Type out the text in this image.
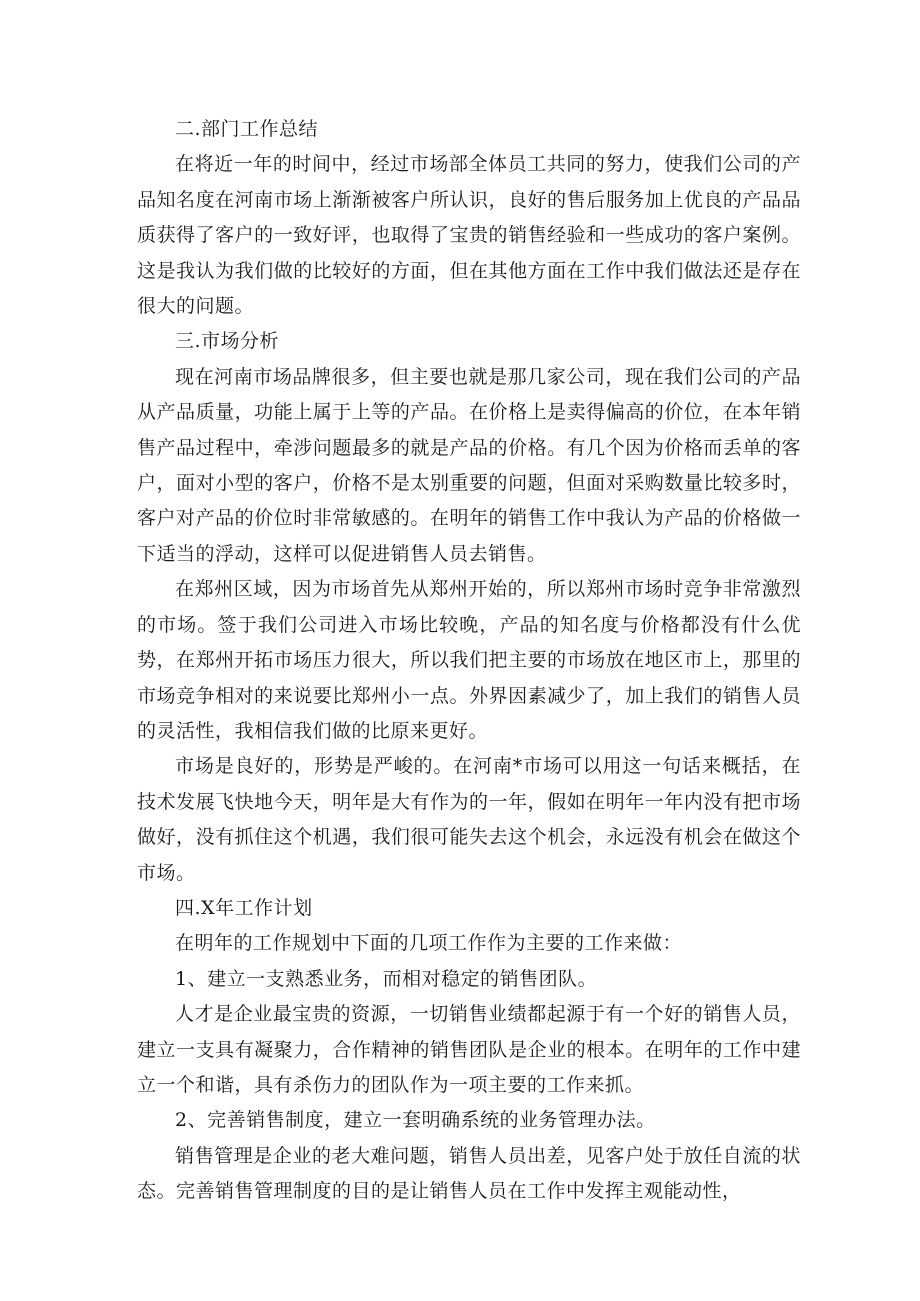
二.部门工作总结

在将近一年的时间中，经过市场部全体员工共同的努力，使我们公司的产品知名度在河南市场上渐渐被客户所认识，良好的售后服务加上优良的产品品质获得了客户的一致好评，也取得了宝贵的销售经验和一些成功的客户案例。这是我认为我们做的比较好的方面，但在其他方面在工作中我们做法还是存在很大的问题。

三.市场分析

现在河南市场品牌很多，但主要也就是那几家公司，现在我们公司的产品从产品质量，功能上属于上等的产品。在价格上是卖得偏高的价位，在本年销售产品过程中，牵涉问题最多的就是产品的价格。有几个因为价格而丢单的客户，面对小型的客户，价格不是太别重要的问题，但面对采购数量比较多时，客户对产品的价位时非常敏感的。在明年的销售工作中我认为产品的价格做一下适当的浮动，这样可以促进销售人员去销售。

在郑州区域，因为市场首先从郑州开始的，所以郑州市场时竞争非常激烈的市场。签于我们公司进入市场比较晚，产品的知名度与价格都没有什么优势，在郑州开拓市场压力很大，所以我们把主要的市场放在地区市上，那里的市场竞争相对的来说要比郑州小一点。外界因素减少了，加上我们的销售人员的灵活性，我相信我们做的比原来更好。

市场是良好的，形势是严峻的。在河南*市场可以用这一句话来概括，在技术发展飞快地今天，明年是大有作为的一年，假如在明年一年内没有把市场做好，没有抓住这个机遇，我们很可能失去这个机会，永远没有机会在做这个市场。

四.X年工作计划

在明年的工作规划中下面的几项工作作为主要的工作来做：

1、建立一支熟悉业务，而相对稳定的销售团队。

人才是企业最宝贵的资源，一切销售业绩都起源于有一个好的销售人员，建立一支具有凝聚力，合作精神的销售团队是企业的根本。在明年的工作中建立一个和谐，具有杀伤力的团队作为一项主要的工作来抓。

2、完善销售制度，建立一套明确系统的业务管理办法。

销售管理是企业的老大难问题，销售人员出差，见客户处于放任自流的状态。完善销售管理制度的目的是让销售人员在工作中发挥主观能动性，
